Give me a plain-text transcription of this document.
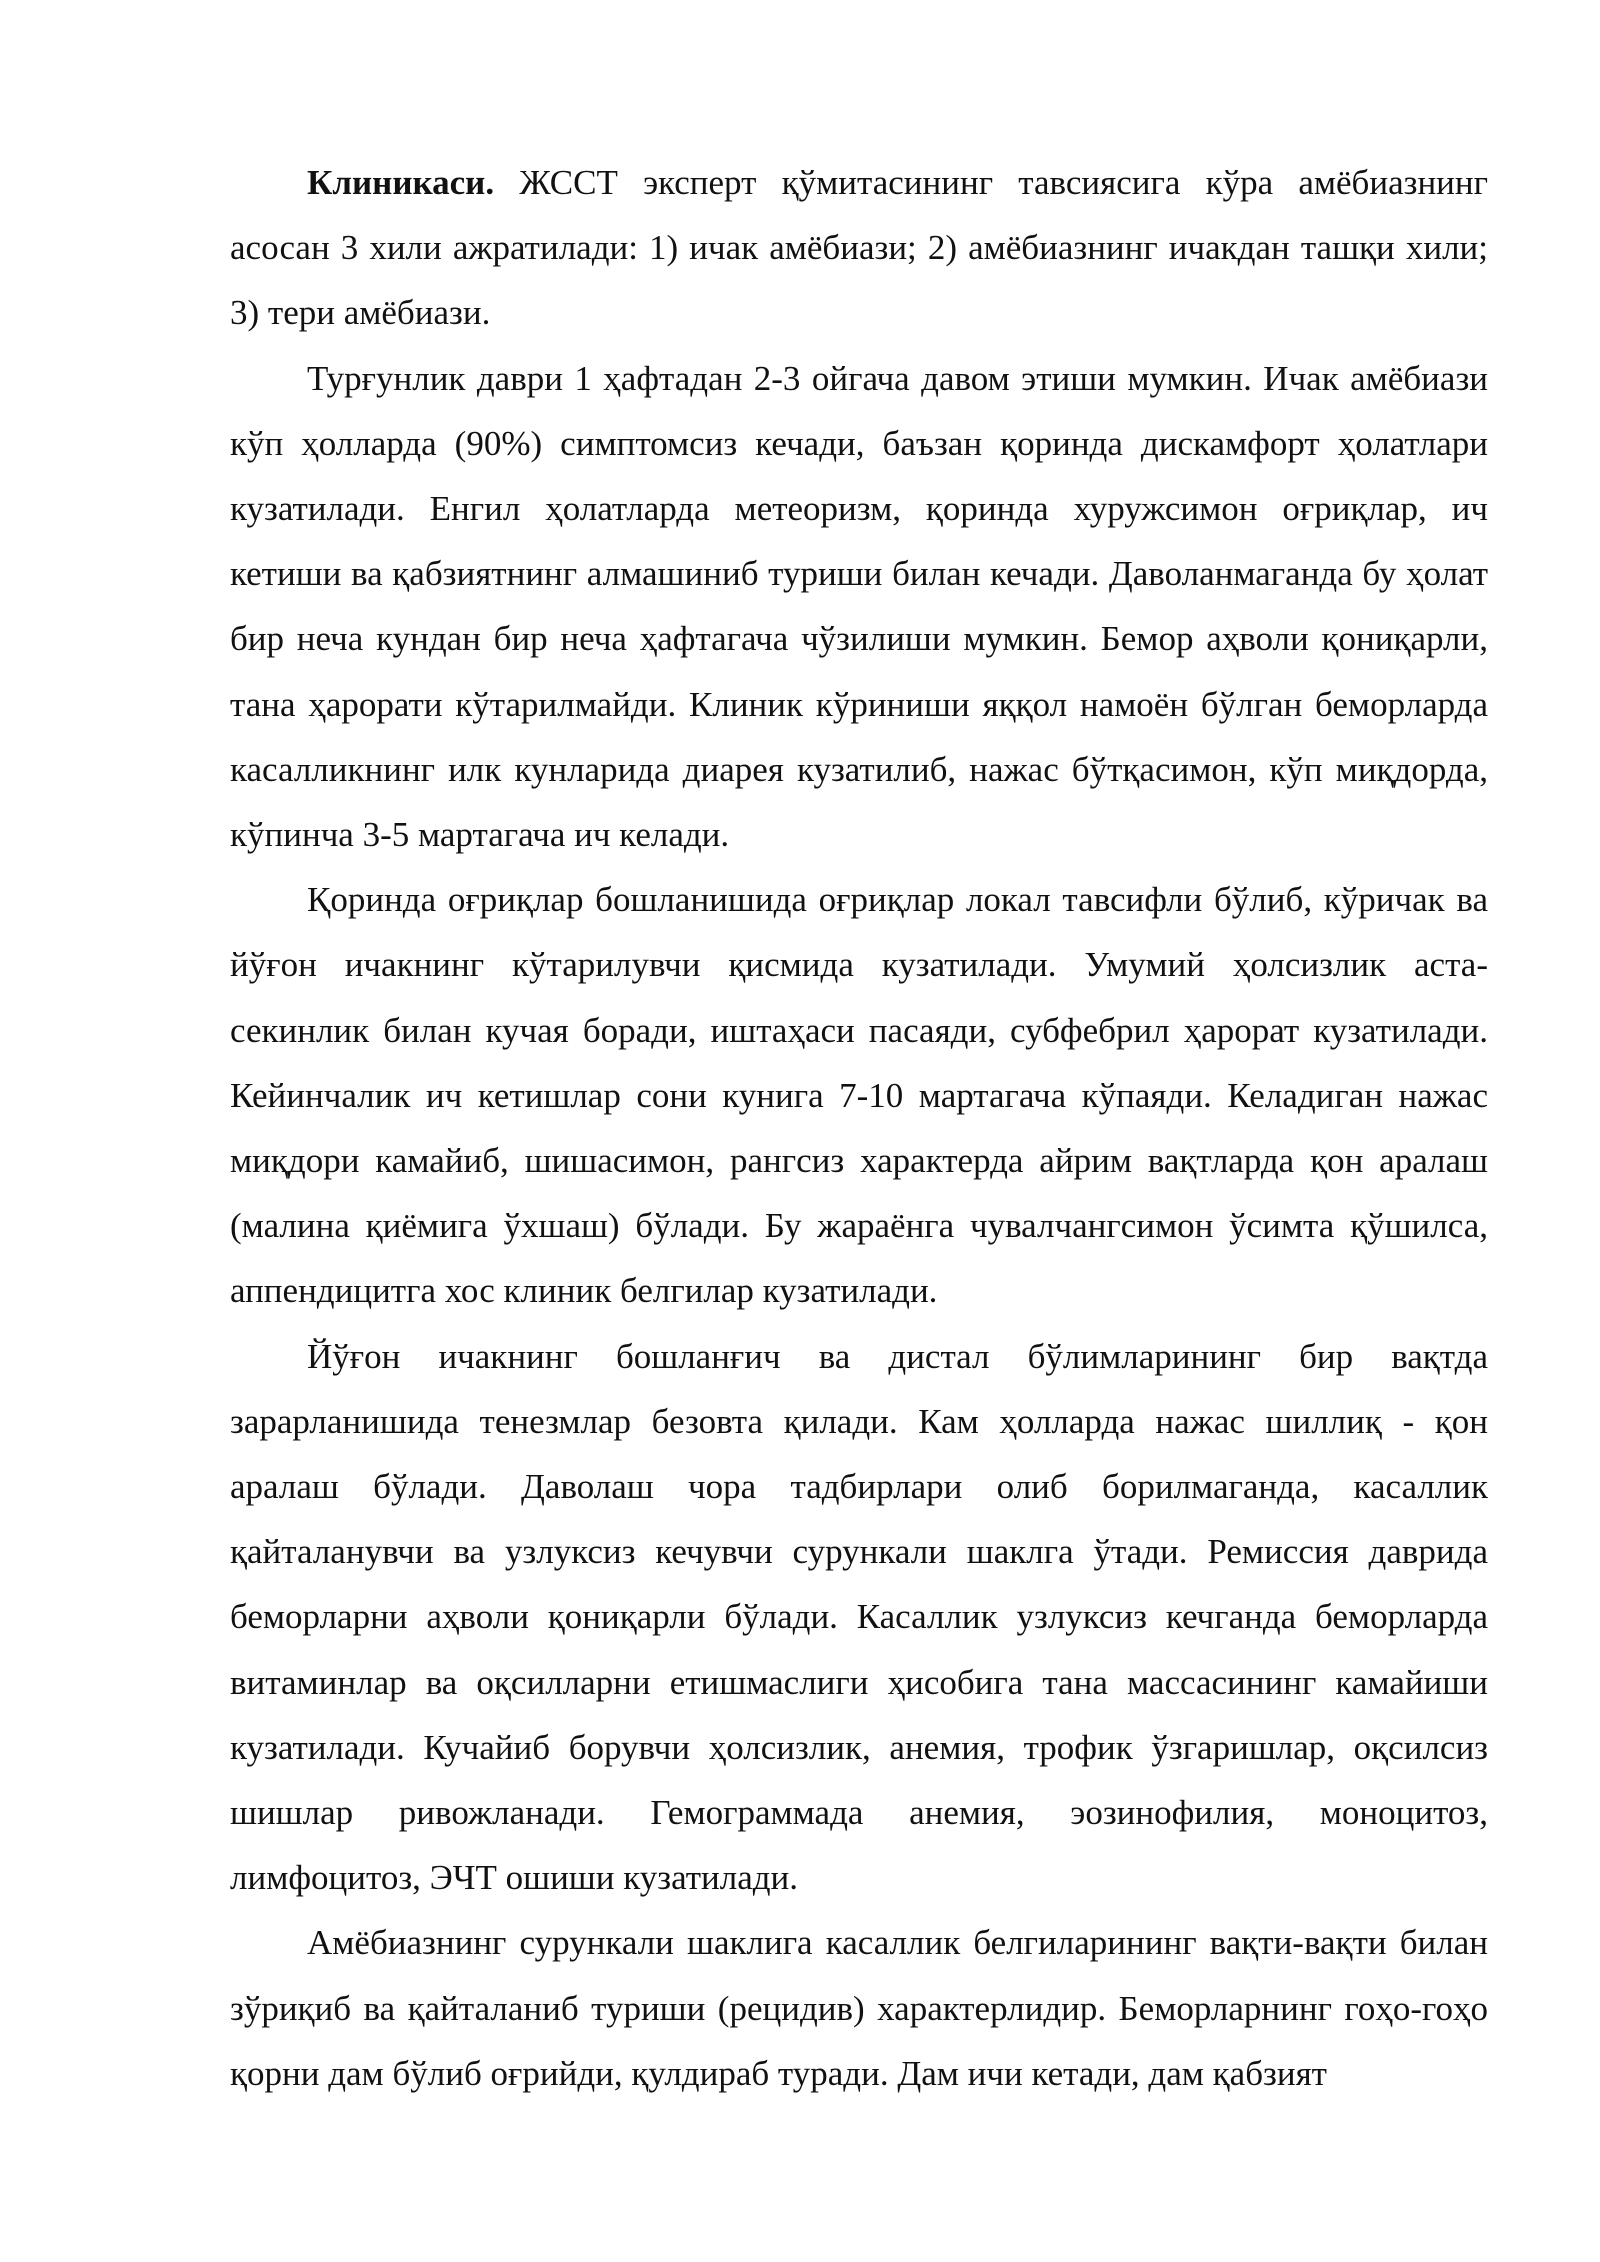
Клиникаси. ЖССТ эксперт қўмитасининг тавсиясига кўра амёбиазнинг асосан 3 хили ажратилади: 1) ичак амёбиази; 2) амёбиазнинг ичакдан ташқи хили; 3) тери амёбиази.

Турғунлик даври 1 ҳафтадан 2-3 ойгача давом этиши мумкин. Ичак амёбиази кўп ҳолларда (90%) симптомсиз кечади, баъзан қоринда дискамфорт ҳолатлари кузатилади. Енгил ҳолатларда метеоризм, қоринда хуружсимон оғриқлар, ич кетиши ва қабзиятнинг алмашиниб туриши билан кечади. Даволанмаганда бу ҳолат бир неча кундан бир неча ҳафтагача чўзилиши мумкин. Бемор аҳволи қониқарли, тана ҳарорати кўтарилмайди. Клиник кўриниши яққол намоён бўлган беморларда касалликнинг илк кунларида диарея кузатилиб, нажас бўтқасимон, кўп миқдорда, кўпинча 3-5 мартагача ич келади.

Қоринда оғриқлар бошланишида оғриқлар локал тавсифли бўлиб, кўричак ва йўғон ичакнинг кўтарилувчи қисмида кузатилади. Умумий ҳолсизлик аста-секинлик билан кучая боради, иштаҳаси пасаяди, субфебрил ҳарорат кузатилади. Кейинчалик ич кетишлар сони кунига 7-10 мартагача кўпаяди. Келадиган нажас миқдори камайиб, шишасимон, рангсиз характерда айрим вақтларда қон аралаш (малина қиёмига ўхшаш) бўлади. Бу жараёнга чувалчангсимон ўсимта қўшилса, аппендицитга хос клиник белгилар кузатилади.

Йўғон ичакнинг бошланғич ва дистал бўлимларининг бир вақтда зарарланишида тенезмлар безовта қилади. Кам ҳолларда нажас шиллиқ - қон аралаш бўлади. Даволаш чора тадбирлари олиб борилмаганда, касаллик қайталанувчи ва узлуксиз кечувчи сурункали шаклга ўтади. Ремиссия даврида беморларни аҳволи қониқарли бўлади. Касаллик узлуксиз кечганда беморларда витаминлар ва оқсилларни етишмаслиги ҳисобига тана массасининг камайиши кузатилади. Кучайиб борувчи ҳолсизлик, анемия, трофик ўзгаришлар, оқсилсиз шишлар ривожланади. Гемограммада анемия, эозинофилия, моноцитоз, лимфоцитоз, ЭЧТ ошиши кузатилади.

Амёбиазнинг сурункали шаклига касаллик белгиларининг вақти-вақти билан зўриқиб ва қайталаниб туриши (рецидив) характерлидир. Беморларнинг гоҳо-гоҳо қорни дам бўлиб оғрийди, қулдираб туради. Дам ичи кетади, дам қабзият
